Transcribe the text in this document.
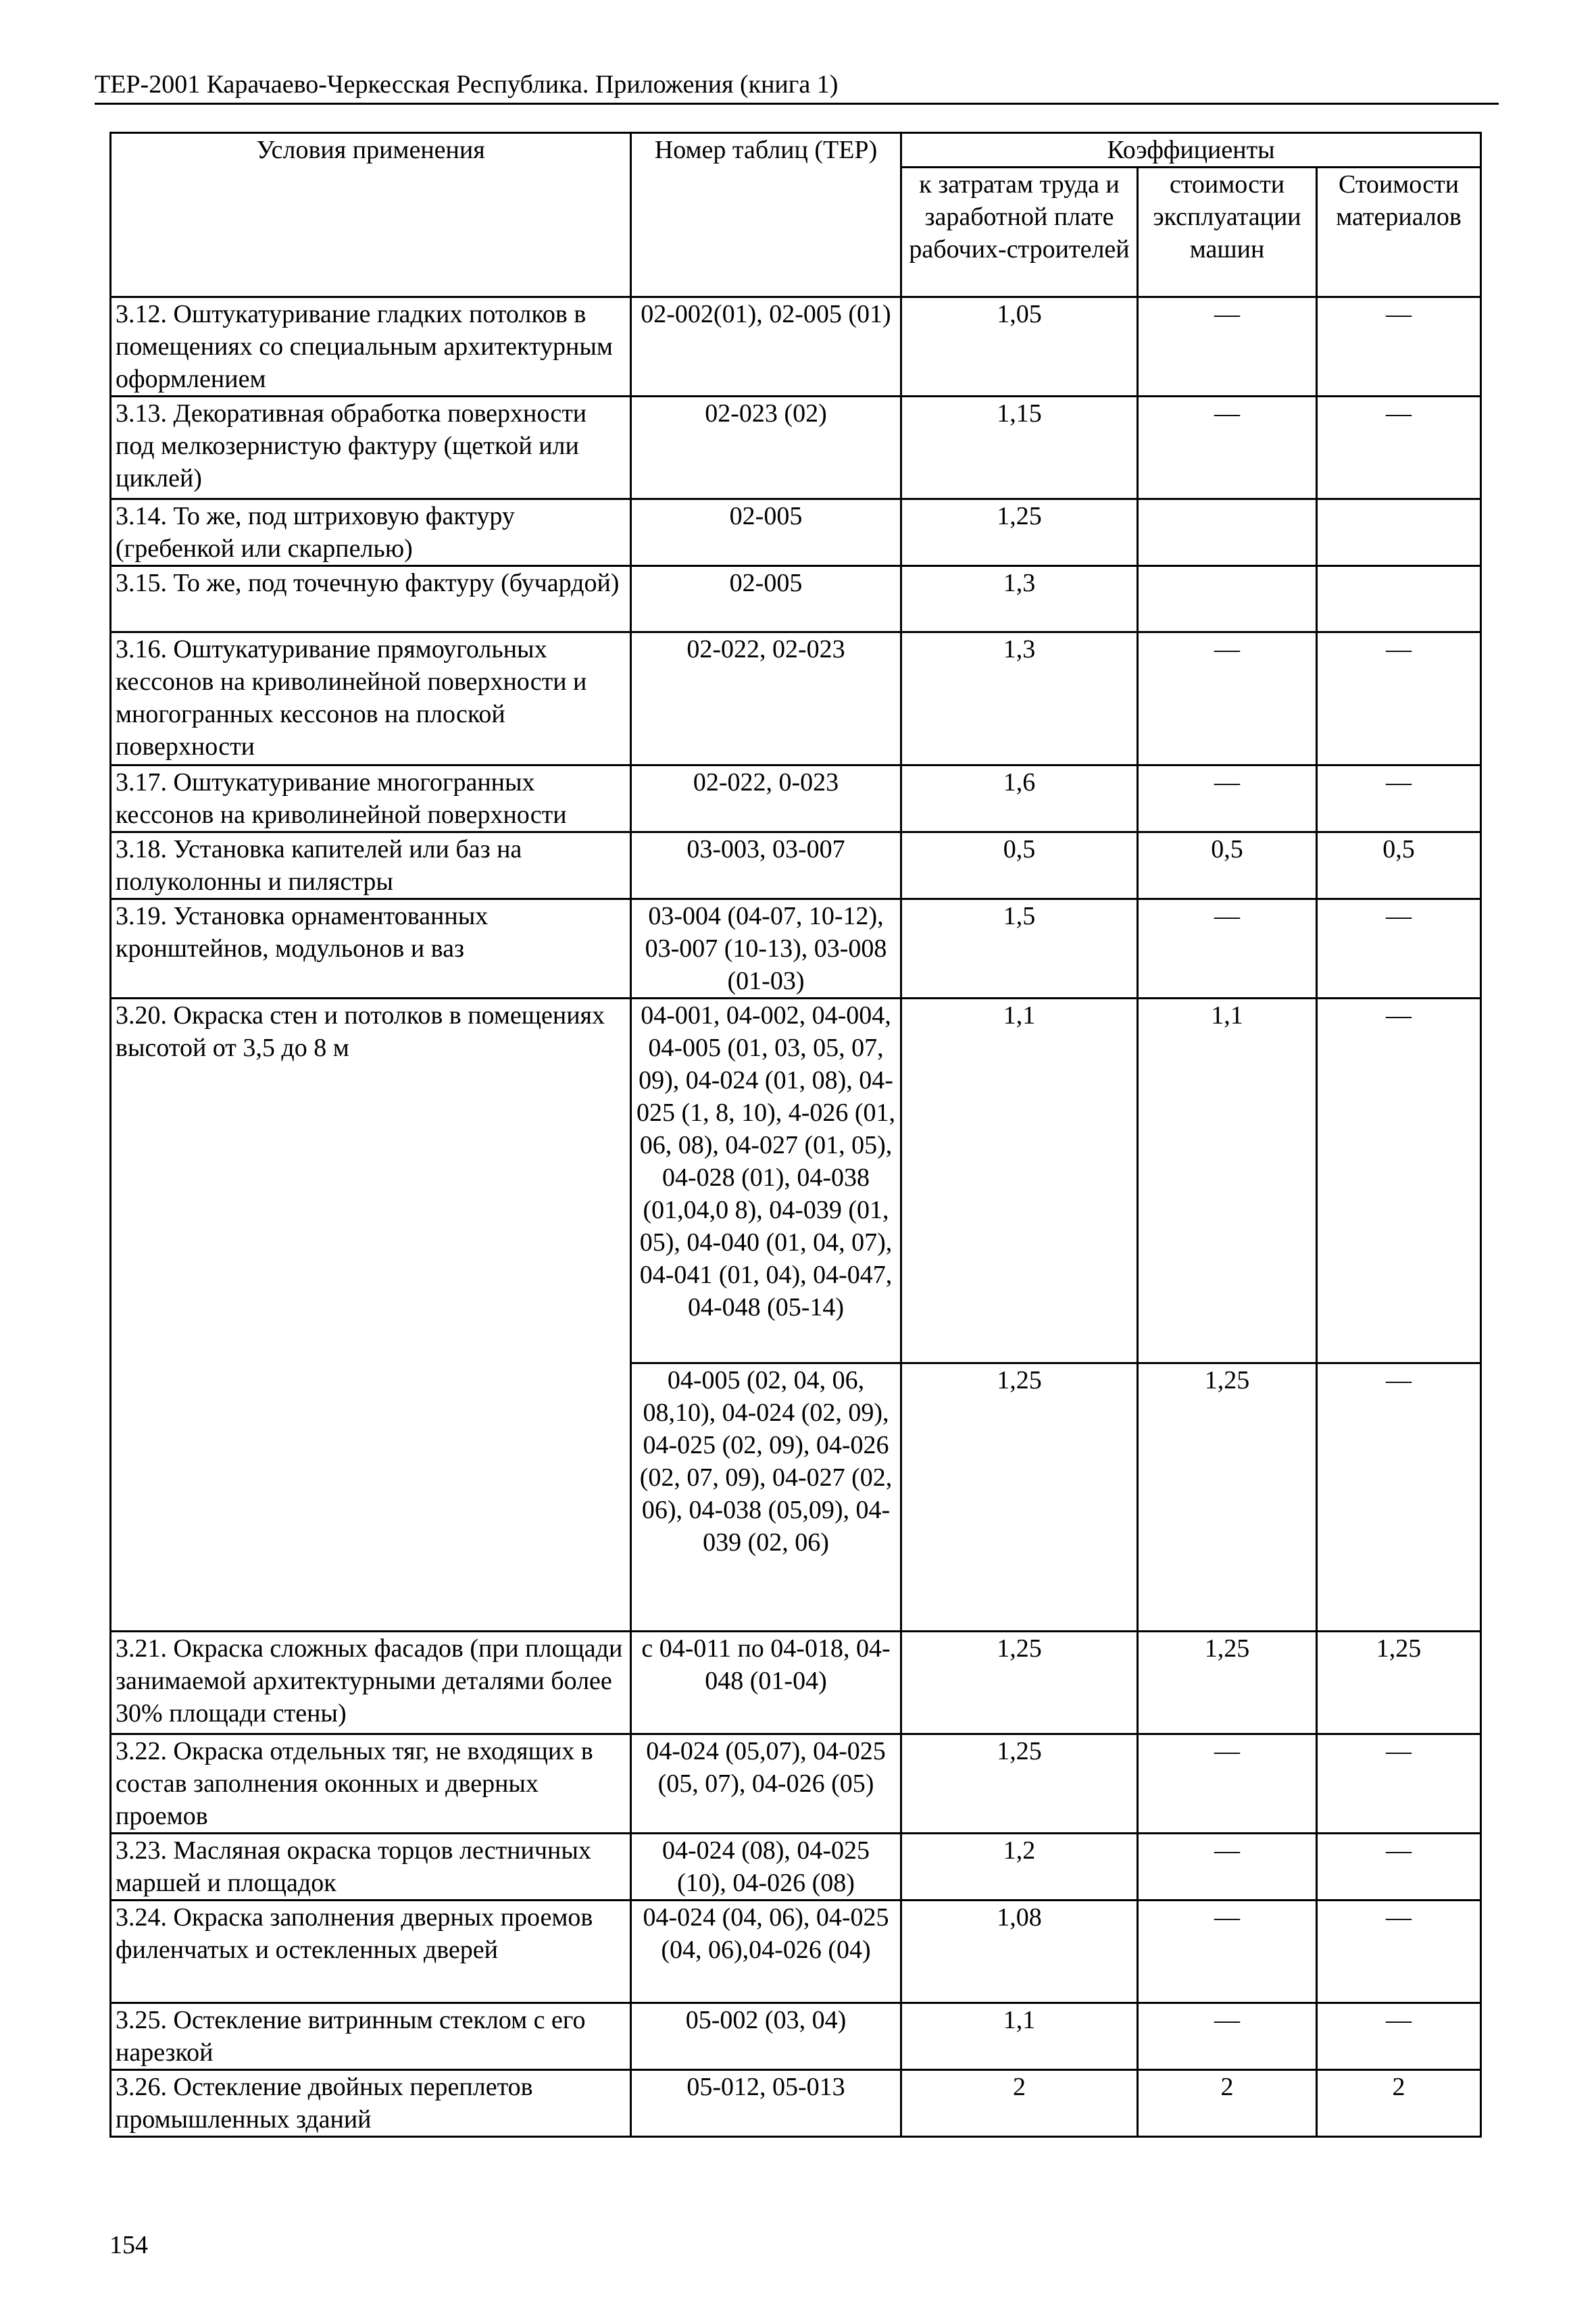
ТЕР-2001 Карачаево-Черкесская Республика. Приложения (книга 1)
Условия применения	Номер таблиц (ТЕР)	Коэффициенты		
		к затратам труда и заработной плате рабочих-строителей	стоимости эксплуатации машин	Стоимости материалов
3.12. Оштукатуривание гладких потолков в помещениях со специальным архитектурным оформлением	02-002(01), 02-005 (01)	1,05	—	—
3.13. Декоративная обработка поверхности под мелкозернистую фактуру (щеткой или циклей)	02-023 (02)	1,15	—	—
3.14. То же, под штриховую фактуру (гребенкой или скарпелью)	02-005	1,25		
3.15. То же, под точечную фактуру (бучардой)	02-005	1,3		
3.16. Оштукатуривание прямоугольных кессонов на криволинейной поверхности и многогранных кессонов на плоской поверхности	02-022, 02-023	1,3	—	—
3.17. Оштукатуривание многогранных кессонов на криволинейной поверхности	02-022, 0-023	1,6	—	—
3.18. Установка капителей или баз на полуколонны и пилястры	03-003, 03-007	0,5	0,5	0,5
3.19. Установка орнаментованных кронштейнов, модульонов и ваз	03-004 (04-07, 10-12), 03-007 (10-13), 03-008 (01-03)	1,5	—	—
3.20. Окраска стен и потолков в помещениях высотой от 3,5 до 8 м	04-001, 04-002, 04-004, 04-005 (01, 03, 05, 07, 09), 04-024 (01, 08), 04-025 (1, 8, 10), 4-026 (01, 06, 08), 04-027 (01, 05), 04-028 (01), 04-038 (01,04,0 8), 04-039 (01, 05), 04-040 (01, 04, 07), 04-041 (01, 04), 04-047, 04-048 (05-14)	1,1	1,1	—
	04-005 (02, 04, 06, 08,10), 04-024 (02, 09), 04-025 (02, 09), 04-026 (02, 07, 09), 04-027 (02, 06), 04-038 (05,09), 04-039 (02, 06)	1,25	1,25	—
3.21. Окраска сложных фасадов (при площади занимаемой архитектурными деталями более 30% площади стены)	с 04-011 по 04-018, 04-048 (01-04)	1,25	1,25	1,25
3.22. Окраска отдельных тяг, не входящих в состав заполнения оконных и дверных проемов	04-024 (05,07), 04-025 (05, 07), 04-026 (05)	1,25	—	—
3.23. Масляная окраска торцов лестничных маршей и площадок	04-024 (08), 04-025 (10), 04-026 (08)	1,2	—	—
3.24. Окраска заполнения дверных проемов филенчатых и остекленных дверей	04-024 (04, 06), 04-025 (04, 06),04-026 (04)	1,08	—	—
3.25. Остекление витринным стеклом с его нарезкой	05-002 (03, 04)	1,1	—	—
3.26. Остекление двойных переплетов промышленных зданий	05-012, 05-013	2	2	2
154
